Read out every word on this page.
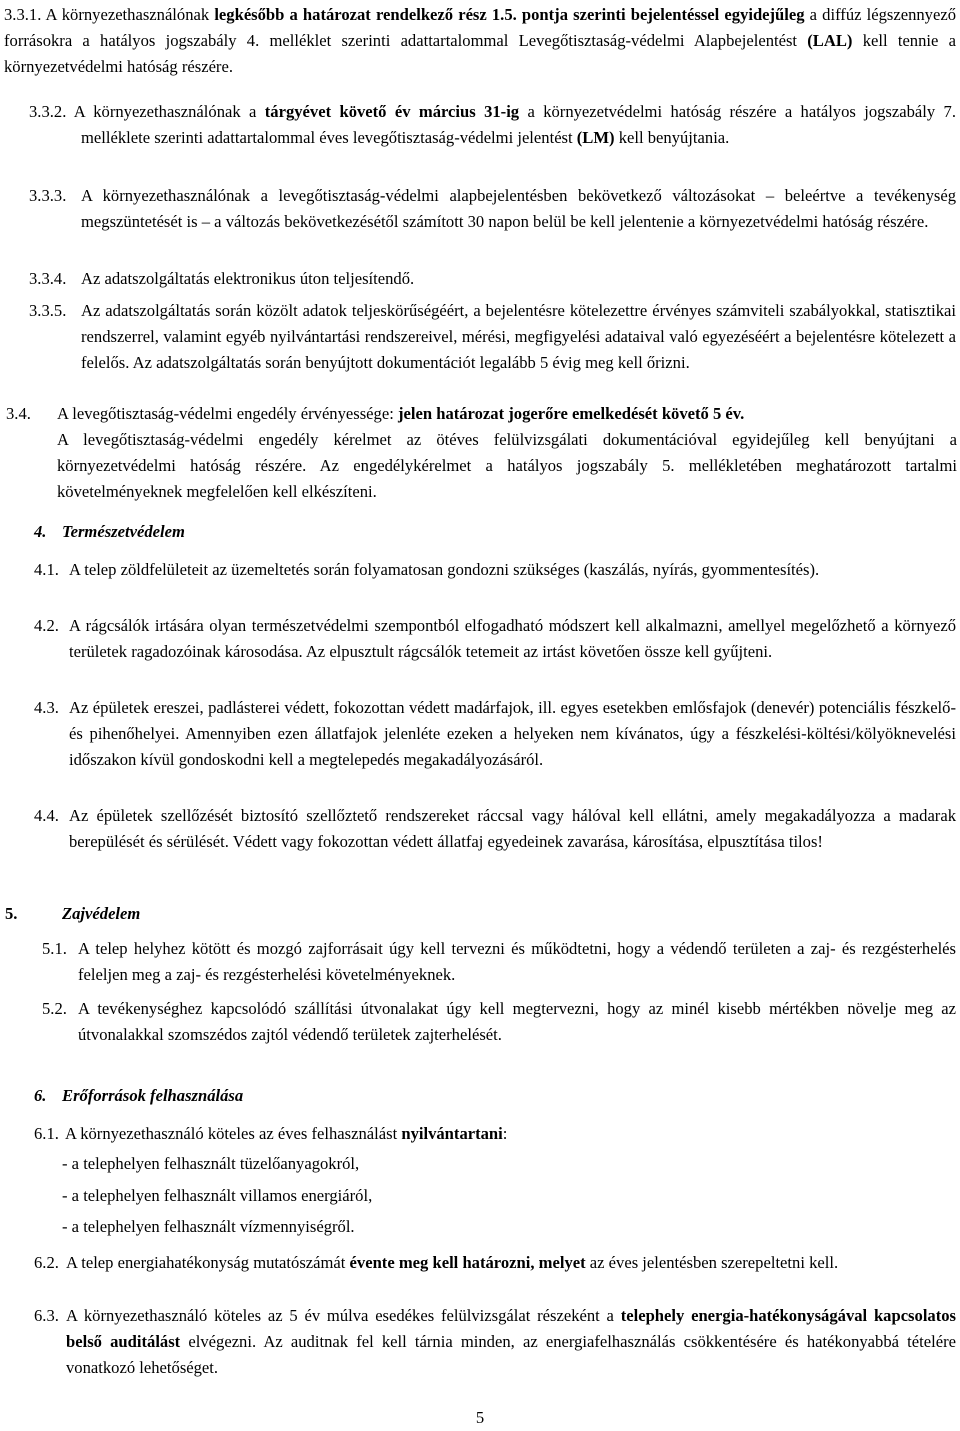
3.3.1. A környezethasználónak legkésőbb a határozat rendelkező rész 1.5. pontja szerinti bejelentéssel egyidejűleg a diffúz légszennyező forrásokra a hatályos jogszabály 4. melléklet szerinti adattartalommal Levegőtisztaság-védelmi Alapbejelentést (LAL) kell tennie a környezetvédelmi hatóság részére.

3.3.2. A környezethasználónak a tárgyévet követő év március 31-ig a környezetvédelmi hatóság részére a hatályos jogszabály 7. melléklete szerinti adattartalommal éves levegőtisztaság-védelmi jelentést (LM) kell benyújtania.

3.3.3. A környezethasználónak a levegőtisztaság-védelmi alapbejelentésben bekövetkező változásokat – beleértve a tevékenység megszüntetését is – a változás bekövetkezésétől számított 30 napon belül be kell jelentenie a környezetvédelmi hatóság részére.

3.3.4. Az adatszolgáltatás elektronikus úton teljesítendő.

3.3.5. Az adatszolgáltatás során közölt adatok teljeskörűségéért, a bejelentésre kötelezettre érvényes számviteli szabályokkal, statisztikai rendszerrel, valamint egyéb nyilvántartási rendszereivel, mérési, megfigyelési adataival való egyezéséért a bejelentésre kötelezett a felelős. Az adatszolgáltatás során benyújtott dokumentációt legalább 5 évig meg kell őrizni.

3.4. A levegőtisztaság-védelmi engedély érvényessége: jelen határozat jogerőre emelkedését követő 5 év.

A levegőtisztaság-védelmi engedély kérelmet az ötéves felülvizsgálati dokumentációval egyidejűleg kell benyújtani a környezetvédelmi hatóság részére. Az engedélykérelmet a hatályos jogszabály 5. mellékletében meghatározott tartalmi követelményeknek megfelelően kell elkészíteni.

4. Természetvédelem
4.1. A telep zöldfelületeit az üzemeltetés során folyamatosan gondozni szükséges (kaszálás, nyírás, gyommentesítés).

4.2. A rágcsálók irtására olyan természetvédelmi szempontból elfogadható módszert kell alkalmazni, amellyel megelőzhető a környező területek ragadozóinak károsodása. Az elpusztult rágcsálók tetemeit az irtást követően össze kell gyűjteni.

4.3. Az épületek ereszei, padlásterei védett, fokozottan védett madárfajok, ill. egyes esetekben emlősfajok (denevér) potenciális fészkelő- és pihenőhelyei. Amennyiben ezen állatfajok jelenléte ezeken a helyeken nem kívánatos, úgy a fészkelési-költési/kölyöknevelési időszakon kívül gondoskodni kell a megtelepedés megakadályozásáról.

4.4. Az épületek szellőzését biztosító szellőztető rendszereket ráccsal vagy hálóval kell ellátni, amely megakadályozza a madarak berepülését és sérülését. Védett vagy fokozottan védett állatfaj egyedeinek zavarása, károsítása, elpusztítása tilos!

5.	Zajvédelem
5.1. A telep helyhez kötött és mozgó zajforrásait úgy kell tervezni és működtetni, hogy a védendő területen a zaj- és rezgésterhelés feleljen meg a zaj- és rezgésterhelési követelményeknek.

5.2. A tevékenységhez kapcsolódó szállítási útvonalakat úgy kell megtervezni, hogy az minél kisebb mértékben növelje meg az útvonalakkal szomszédos zajtól védendő területek zajterhelését.

6. Erőforrások felhasználása
6.1. A környezethasználó köteles az éves felhasználást nyilvántartani:

- a telephelyen felhasznált tüzelőanyagokról,

- a telephelyen felhasznált villamos energiáról,

- a telephelyen felhasznált vízmennyiségről.

6.2. A telep energiahatékonyság mutatószámát évente meg kell határozni, melyet az éves jelentésben szerepeltetni kell.

6.3. A környezethasználó köteles az 5 év múlva esedékes felülvizsgálat részeként a telephely energia-hatékonyságával kapcsolatos belső auditálást elvégezni. Az auditnak fel kell tárnia minden, az energiafelhasználás csökkentésére és hatékonyabbá tételére vonatkozó lehetőséget.

5
